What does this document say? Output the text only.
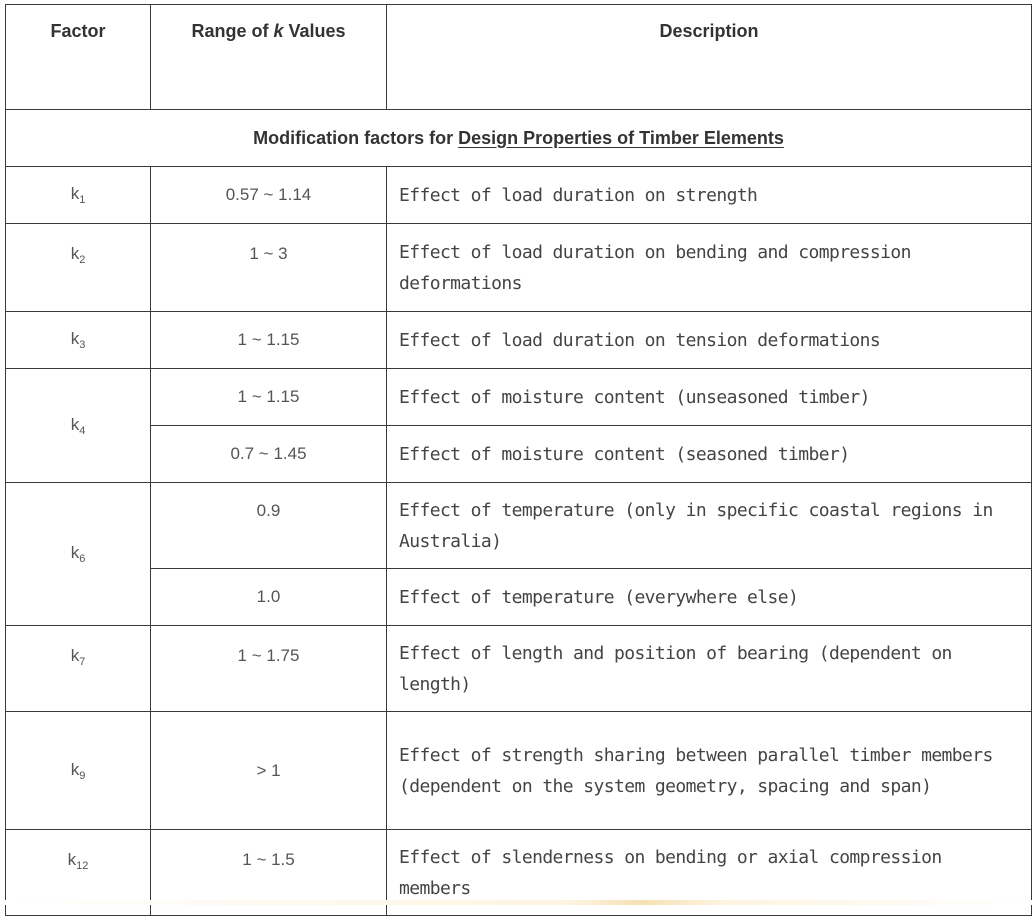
Factor	Range of k Values	Description
Modification factors for Design Properties of Timber Elements		
$k_1$	0.57 ~ 1.14	Effect of load duration on strength
$k_2$	1 ~ 3	Effect of load duration on bending and compression deformations
$k_3$	1 ~ 1.15	Effect of load duration on tension deformations
$k_4$	1 ~ 1.15	Effect of moisture content (unseasoned timber)
	0.7 ~ 1.45	Effect of moisture content (seasoned timber)
$k_6$	0.9	Effect of temperature (only in specific coastal regions in Australia)
	1.0	Effect of temperature (everywhere else)
$k_7$	1 ~ 1.75	Effect of length and position of bearing (dependent on length)
$k_9$	> 1	Effect of strength sharing between parallel timber members (dependent on the system geometry, spacing and span)
$k_{12}$	1 ~ 1.5	Effect of slenderness on bending or axial compression members
